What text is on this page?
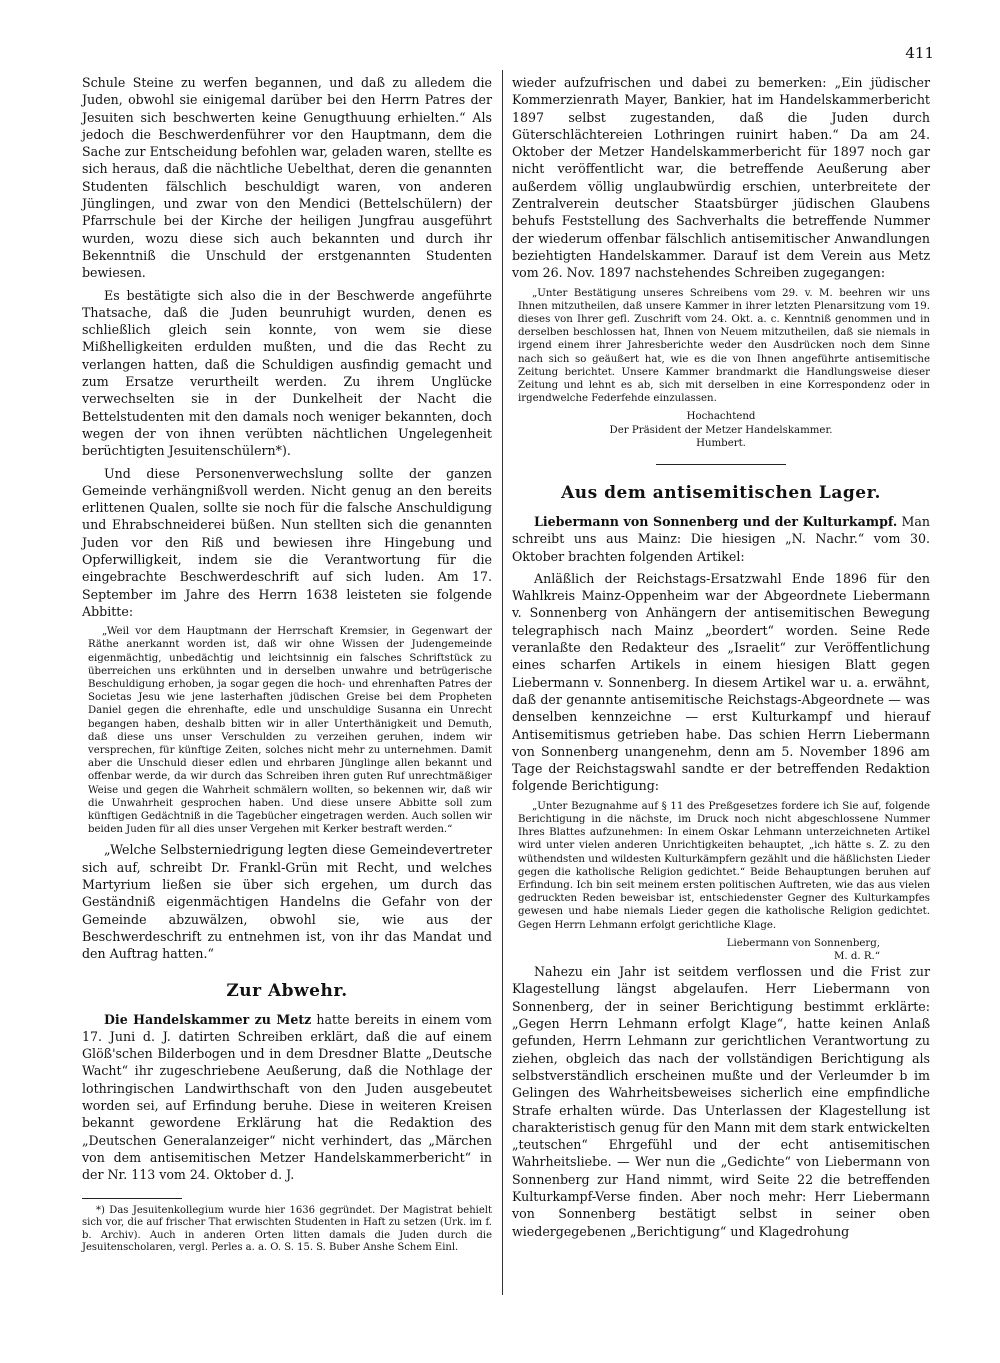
411

Schule Steine zu werfen begannen, und daß zu alledem die Juden, obwohl sie einigemal darüber bei den Herrn Patres der Jesuiten sich beschwerten keine Genugthuung erhielten.“ Als jedoch die Beschwerdenführer vor den Hauptmann, dem die Sache zur Entscheidung befohlen war, geladen waren, stellte es sich heraus, daß die nächtliche Uebelthat, deren die genannten Studenten fälschlich beschuldigt waren, von anderen Jünglingen, und zwar von den Mendici (Bettelschülern) der Pfarrschule bei der Kirche der heiligen Jungfrau ausgeführt wurden, wozu diese sich auch bekannten und durch ihr Bekenntniß die Unschuld der erstgenannten Studenten bewiesen.

Es bestätigte sich also die in der Beschwerde angeführte Thatsache, daß die Juden beunruhigt wurden, denen es schließlich gleich sein konnte, von wem sie diese Mißhelligkeiten erdulden mußten, und die das Recht zu verlangen hatten, daß die Schuldigen ausfindig gemacht und zum Ersatze verurtheilt werden. Zu ihrem Unglücke verwechselten sie in der Dunkelheit der Nacht die Bettelstudenten mit den damals noch weniger bekannten, doch wegen der von ihnen verübten nächtlichen Ungelegenheit berüchtigten Jesuitenschülern*).

Und diese Personenverwechslung sollte der ganzen Gemeinde verhängnißvoll werden. Nicht genug an den bereits erlittenen Qualen, sollte sie noch für die falsche Anschuldigung und Ehrabschneiderei büßen. Nun stellten sich die genannten Juden vor den Riß und bewiesen ihre Hingebung und Opferwilligkeit, indem sie die Verantwortung für die eingebrachte Beschwerdeschrift auf sich luden. Am 17. September im Jahre des Herrn 1638 leisteten sie folgende Abbitte:

„Weil vor dem Hauptmann der Herrschaft Kremsier, in Gegenwart der Räthe anerkannt worden ist, daß wir ohne Wissen der Judengemeinde eigenmächtig, unbedächtig und leichtsinnig ein falsches Schriftstück zu überreichen uns erkühnten und in derselben unwahre und betrügerische Beschuldigung erhoben, ja sogar gegen die hoch- und ehrenhaften Patres der Societas Jesu wie jene lasterhaften jüdischen Greise bei dem Propheten Daniel gegen die ehrenhafte, edle und unschuldige Susanna ein Unrecht begangen haben, deshalb bitten wir in aller Unterthänigkeit und Demuth, daß diese uns unser Verschulden zu verzeihen geruhen, indem wir versprechen, für künftige Zeiten, solches nicht mehr zu unternehmen. Damit aber die Unschuld dieser edlen und ehrbaren Jünglinge allen bekannt und offenbar werde, da wir durch das Schreiben ihren guten Ruf unrechtmäßiger Weise und gegen die Wahrheit schmälern wollten, so bekennen wir, daß wir die Unwahrheit gesprochen haben. Und diese unsere Abbitte soll zum künftigen Gedächtniß in die Tagebücher eingetragen werden. Auch sollen wir beiden Juden für all dies unser Vergehen mit Kerker bestraft werden.“

„Welche Selbsterniedrigung legten diese Gemeindevertreter sich auf, schreibt Dr. Frankl-Grün mit Recht, und welches Martyrium ließen sie über sich ergehen, um durch das Geständniß eigenmächtigen Handelns die Gefahr von der Gemeinde abzuwälzen, obwohl sie, wie aus der Beschwerdeschrift zu entnehmen ist, von ihr das Mandat und den Auftrag hatten.“

Zur Abwehr.

Die Handelskammer zu Metz hatte bereits in einem vom 17. Juni d. J. datirten Schreiben erklärt, daß die auf einem Glöß'schen Bilderbogen und in dem Dresdner Blatte „Deutsche Wacht“ ihr zugeschriebene Aeußerung, daß die Nothlage der lothringischen Landwirthschaft von den Juden ausgebeutet worden sei, auf Erfindung beruhe. Diese in weiteren Kreisen bekannt gewordene Erklärung hat die Redaktion des „Deutschen Generalanzeiger“ nicht verhindert, das „Märchen von dem antisemitischen Metzer Handelskammerbericht“ in der Nr. 113 vom 24. Oktober d. J.

*) Das Jesuitenkollegium wurde hier 1636 gegründet. Der Magistrat behielt sich vor, die auf frischer That erwischten Studenten in Haft zu setzen (Urk. im f. b. Archiv). Auch in anderen Orten litten damals die Juden durch die Jesuitenscholaren, vergl. Perles a. a. O. S. 15. S. Buber Anshe Schem Einl.

wieder aufzufrischen und dabei zu bemerken: „Ein jüdischer Kommerzienrath Mayer, Bankier, hat im Handelskammerbericht 1897 selbst zugestanden, daß die Juden durch Güterschlächtereien Lothringen ruinirt haben.“ Da am 24. Oktober der Metzer Handelskammerbericht für 1897 noch gar nicht veröffentlicht war, die betreffende Aeußerung aber außerdem völlig unglaubwürdig erschien, unterbreitete der Zentralverein deutscher Staatsbürger jüdischen Glaubens behufs Feststellung des Sachverhalts die betreffende Nummer der wiederum offenbar fälschlich antisemitischer Anwandlungen beziehtigten Handelskammer. Darauf ist dem Verein aus Metz vom 26. Nov. 1897 nachstehendes Schreiben zugegangen:

„Unter Bestätigung unseres Schreibens vom 29. v. M. beehren wir uns Ihnen mitzutheilen, daß unsere Kammer in ihrer letzten Plenarsitzung vom 19. dieses von Ihrer gefl. Zuschrift vom 24. Okt. a. c. Kenntniß genommen und in derselben beschlossen hat, Ihnen von Neuem mitzutheilen, daß sie niemals in irgend einem ihrer Jahresberichte weder den Ausdrücken noch dem Sinne nach sich so geäußert hat, wie es die von Ihnen angeführte antisemitische Zeitung berichtet. Unsere Kammer brandmarkt die Handlungsweise dieser Zeitung und lehnt es ab, sich mit derselben in eine Korrespondenz oder in irgendwelche Federfehde einzulassen.

Hochachtend

Der Präsident der Metzer Handelskammer.

Humbert.

Aus dem antisemitischen Lager.

Liebermann von Sonnenberg und der Kulturkampf. Man schreibt uns aus Mainz: Die hiesigen „N. Nachr.“ vom 30. Oktober brachten folgenden Artikel:

Anläßlich der Reichstags-Ersatzwahl Ende 1896 für den Wahlkreis Mainz-Oppenheim war der Abgeordnete Liebermann v. Sonnenberg von Anhängern der antisemitischen Bewegung telegraphisch nach Mainz „beordert“ worden. Seine Rede veranlaßte den Redakteur des „Israelit“ zur Veröffentlichung eines scharfen Artikels in einem hiesigen Blatt gegen Liebermann v. Sonnenberg. In diesem Artikel war u. a. erwähnt, daß der genannte antisemitische Reichstags-Abgeordnete — was denselben kennzeichne — erst Kulturkampf und hierauf Antisemitismus getrieben habe. Das schien Herrn Liebermann von Sonnenberg unangenehm, denn am 5. November 1896 am Tage der Reichstagswahl sandte er der betreffenden Redaktion folgende Berichtigung:

„Unter Bezugnahme auf § 11 des Preßgesetzes fordere ich Sie auf, folgende Berichtigung in die nächste, im Druck noch nicht abgeschlossene Nummer Ihres Blattes aufzunehmen: In einem Oskar Lehmann unterzeichneten Artikel wird unter vielen anderen Unrichtigkeiten behauptet, „ich hätte s. Z. zu den wüthendsten und wildesten Kulturkämpfern gezählt und die häßlichsten Lieder gegen die katholische Religion gedichtet.“ Beide Behauptungen beruhen auf Erfindung. Ich bin seit meinem ersten politischen Auftreten, wie das aus vielen gedruckten Reden beweisbar ist, entschiedenster Gegner des Kulturkampfes gewesen und habe niemals Lieder gegen die katholische Religion gedichtet. Gegen Herrn Lehmann erfolgt gerichtliche Klage.

Liebermann von Sonnenberg,

M. d. R.“

Nahezu ein Jahr ist seitdem verflossen und die Frist zur Klagestellung längst abgelaufen. Herr Liebermann von Sonnenberg, der in seiner Berichtigung bestimmt erklärte: „Gegen Herrn Lehmann erfolgt Klage“, hatte keinen Anlaß gefunden, Herrn Lehmann zur gerichtlichen Verantwortung zu ziehen, obgleich das nach der vollständigen Berichtigung als selbstverständlich erscheinen mußte und der Verleumder b im Gelingen des Wahrheitsbeweises sicherlich eine empfindliche Strafe erhalten würde. Das Unterlassen der Klagestellung ist charakteristisch genug für den Mann mit dem stark entwickelten „teutschen“ Ehrgefühl und der echt antisemitischen Wahrheitsliebe. — Wer nun die „Gedichte“ von Liebermann von Sonnenberg zur Hand nimmt, wird Seite 22 die betreffenden Kulturkampf-Verse finden. Aber noch mehr: Herr Liebermann von Sonnenberg bestätigt selbst in seiner oben wiedergegebenen „Berichtigung“ und Klagedrohung
